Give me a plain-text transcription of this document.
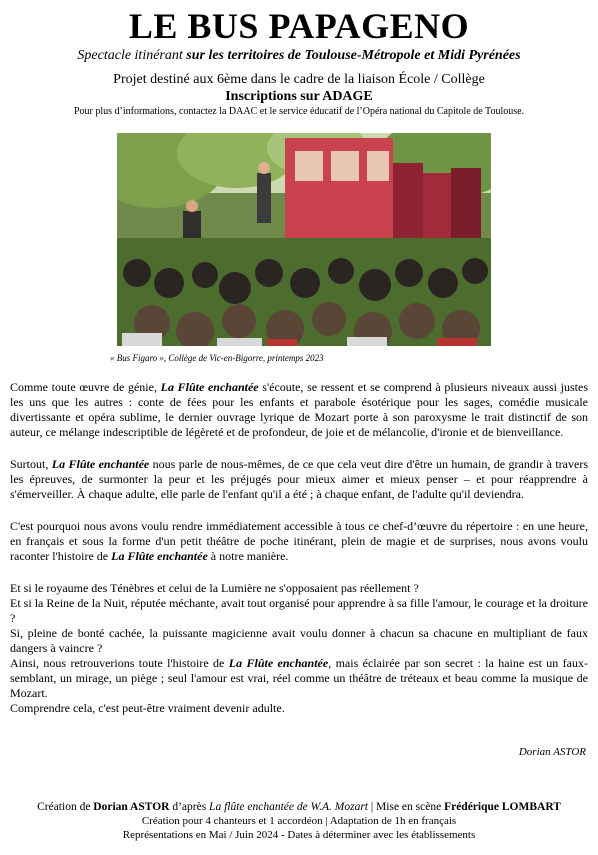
LE BUS PAPAGENO
Spectacle itinérant sur les territoires de Toulouse-Métropole et Midi Pyrénées
Projet destiné aux 6ème dans le cadre de la liaison École / Collège
Inscriptions sur ADAGE
Pour plus d’informations, contactez la DAAC et le service éducatif de l’Opéra national du Capitole de Toulouse.
« Bus Figaro », Collège de Vic-en-Bigorre, printemps 2023

Comme toute œuvre de génie, La Flûte enchantée s'écoute, se ressent et se comprend à plusieurs niveaux aussi justes les uns que les autres : conte de fées pour les enfants et parabole ésotérique pour les sages, comédie musicale divertissante et opéra sublime, le dernier ouvrage lyrique de Mozart porte à son paroxysme le trait distinctif de son auteur, ce mélange indescriptible de légèreté et de profondeur, de joie et de mélancolie, d'ironie et de bienveillance.

Surtout, La Flûte enchantée nous parle de nous-mêmes, de ce que cela veut dire d'être un humain, de grandir à travers les épreuves, de surmonter la peur et les préjugés pour mieux aimer et mieux penser – et pour réapprendre à s'émerveiller. À chaque adulte, elle parle de l'enfant qu'il a été ; à chaque enfant, de l'adulte qu'il deviendra.

C'est pourquoi nous avons voulu rendre immédiatement accessible à tous ce chef-d’œuvre du répertoire : en une heure, en français et sous la forme d'un petit théâtre de poche itinérant, plein de magie et de surprises, nous avons voulu raconter l'histoire de La Flûte enchantée à notre manière.

Et si le royaume des Ténèbres et celui de la Lumière ne s'opposaient pas réellement ?

Et si la Reine de la Nuit, réputée méchante, avait tout organisé pour apprendre à sa fille l'amour, le courage et la droiture ?

Si, pleine de bonté cachée, la puissante magicienne avait voulu donner à chacun sa chacune en multipliant de faux dangers à vaincre ?

Ainsi, nous retrouverions toute l'histoire de La Flûte enchantée, mais éclairée par son secret : la haine est un faux-semblant, un mirage, un piège ; seul l'amour est vrai, réel comme un théâtre de tréteaux et beau comme la musique de Mozart.

Comprendre cela, c'est peut-être vraiment devenir adulte.

Dorian ASTOR
Création de Dorian ASTOR d’après La flûte enchantée de W.A. Mozart | Mise en scène Frédérique LOMBART
Création pour 4 chanteurs et 1 accordéon | Adaptation de 1h en français
Représentations en Mai / Juin 2024 - Dates à déterminer avec les établissements
